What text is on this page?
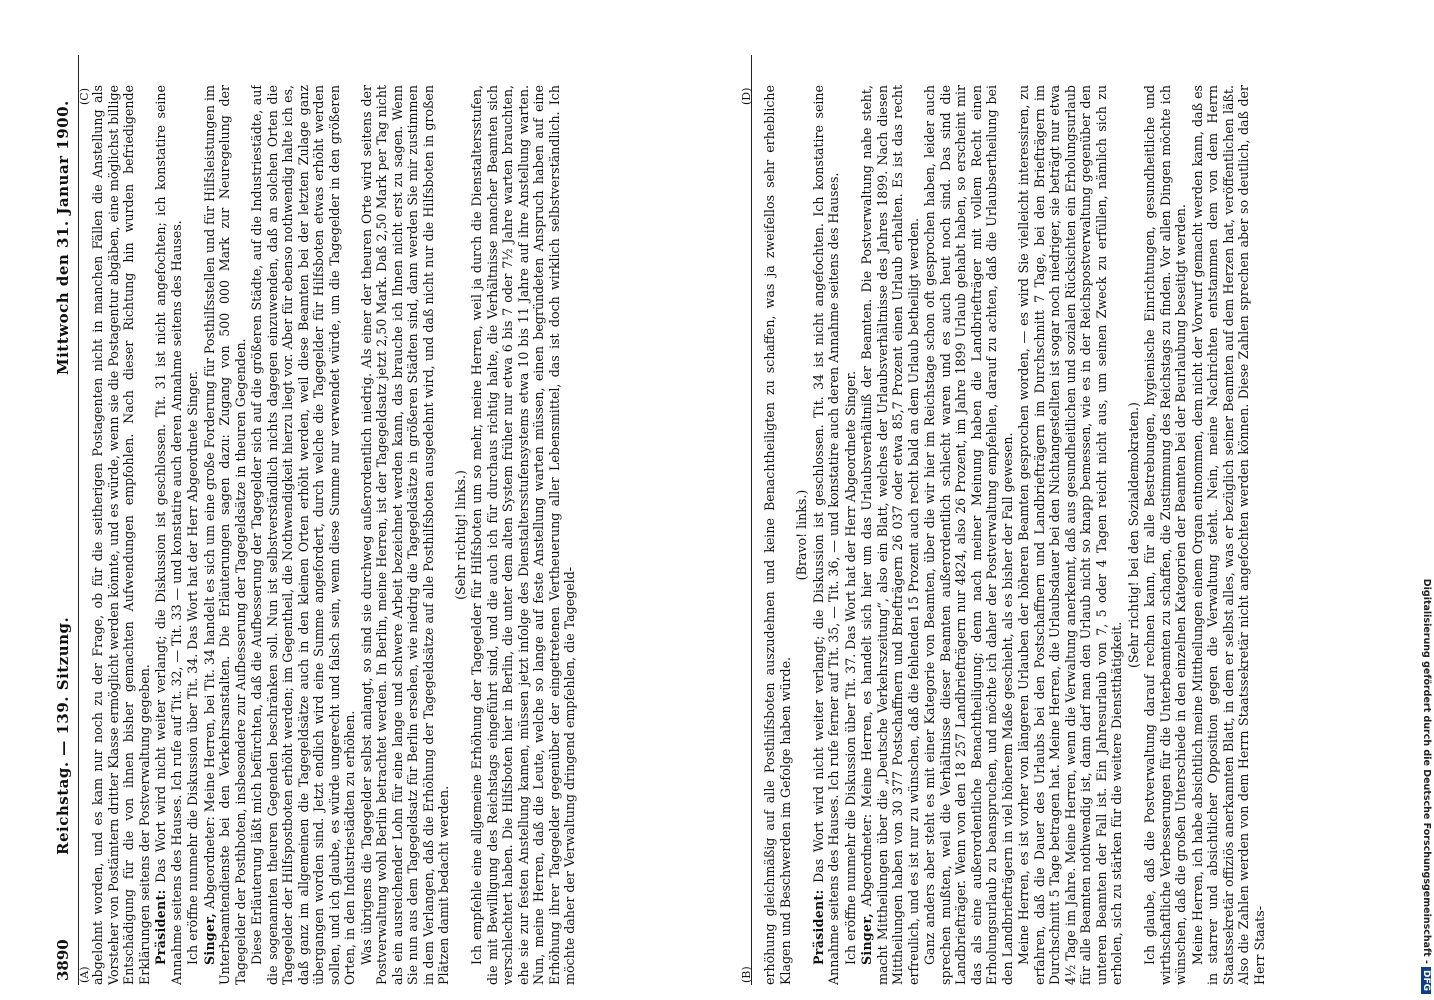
3890
Reichstag. — 139. Sitzung.
Mittwoch den 31. Januar 1900.
(A)	(B)

abgelohnt worden, und es kam nur noch zu der Frage, ob für die seitherigen Postagenten nicht in manchen Fällen die Anstellung als Vorsteher von Postämtern dritter Klasse ermöglicht werden könnte, und es würde, wenn sie die Postagentur abgäben, eine möglichst billige Entschädigung für die von ihnen bisher gemachten Aufwendungen empfohlen. Nach dieser Richtung hin wurden befriedigende Erklärungen seitens der Postverwaltung gegeben. Präsident: Das Wort wird nicht weiter verlangt; die Diskussion ist geschlossen. Tit. 31 ist nicht angefochten; ich konstatire seine Annahme seitens des Hauses. Ich rufe auf Tit. 32, — Tit. 33 — und konstatire auch deren Annahme seitens des Hauses. Ich eröffne nunmehr die Diskussion über Tit. 34. Das Wort hat der Herr Abgeordnete Singer. Singer, Abgeordneter: Meine Herren, bei Tit. 34 handelt es sich um eine große Forderung für Posthilfsstellen und für Hilfsleistungen im Unterbeamtendienste bei den Verkehrsanstalten. Die Erläuterungen sagen dazu: Zugang von 500 000 Mark zur Neuregelung der Tagegelder der Posthboten, insbesondere zur Aufbesserung der Tagegeldsätze in theuren Gegenden. Diese Erläuterung läßt mich befürchten, daß die Aufbesserung der Tagegelder sich auf die größeren Städte, auf die Industriestädte, auf die sogenannten theuren Gegenden beschränken soll. Nun ist selbstverständlich nichts dagegen einzuwenden, daß an solchen Orten die Tagegelder der Hilfspostboten erhöht werden; im Gegentheil, die Nothwendigkeit hierzu liegt vor. Aber für ebenso nothwendig halte ich es, daß ganz im allgemeinen die Tagegeldsätze auch in den kleinen Orten erhöht werden, weil diese Beamten bei der letzten Zulage ganz übergangen worden sind. Jetzt endlich wird eine Summe angefordert, durch welche die Tagegelder für Hilfsboten etwas erhöht werden sollen, und ich glaube, es würde ungerecht und falsch sein, wenn diese Summe nur verwendet würde, um die Tagegelder in den größeren Orten, in den Industriestädten zu erhöhen. Was übrigens die Tagegelder selbst anlangt, so sind sie durchweg außerordentlich niedrig. Als einer der theuren Orte wird seitens der Postverwaltung wohl Berlin betrachtet werden. In Berlin, meine Herren, ist der Tagegeldsatz jetzt 2,50 Mark. Daß 2,50 Mark per Tag nicht als ein ausreichender Lohn für eine lange und schwere Arbeit bezeichnet werden kann, das brauche ich Ihnen nicht erst zu sagen. Wenn Sie nun aus dem Tagegeldsatz für Berlin ersehen, wie niedrig die Tagegeldsätze in größeren Städten sind, dann werden Sie mir zustimmen in dem Verlangen, daß die Erhöhung der Tagegeldsätze auf alle Posthilfsboten ausgedehnt wird, und daß nicht nur die Hilfsboten in großen Plätzen damit bedacht werden.

(Sehr richtig! links.) Ich empfehle eine allgemeine Erhöhung der Tagegelder für Hilfsboten um so mehr, meine Herren, weil ja durch die Dienstaltersstufen, die mit Bewilligung des Reichstags eingeführt sind, und die auch ich für durchaus richtig halte, die Verhältnisse mancher Beamten sich verschlechtert haben. Die Hilfsboten hier in Berlin, die unter dem alten System früher nur etwa 6 bis 7 oder 7½ Jahre warten brauchten, ehe sie zur festen Anstellung kamen, müssen jetzt infolge des Dienstaltersstufensystems etwa 10 bis 11 Jahre auf ihre Anstellung warten. Nun, meine Herren, daß die Leute, welche so lange auf feste Anstellung warten müssen, einen begründeten Anspruch haben auf eine Erhöhung ihrer Tagegelder gegenüber der eingetretenen Vertheuerung aller Lebensmittel, das ist doch wirklich selbstverständlich. Ich möchte daher der Verwaltung dringend empfehlen, die Tagegeld-

(C)	(D) erhöhung gleichmäßig auf alle Posthilfsboten auszudehnen und keine Benachtheiligten zu schaffen, was ja zweifellos sehr erhebliche Klagen und Beschwerden im Gefolge haben würde.

(Bravo! links.)

Präsident: Das Wort wird nicht weiter verlangt; die Diskussion ist geschlossen. Tit. 34 ist nicht angefochten. Ich konstatire seine Annahme seitens des Hauses. Ich rufe ferner auf Tit. 35, — Tit. 36, — und konstatire auch deren Annahme seitens des Hauses. Ich eröffne nunmehr die Diskussion über Tit. 37. Das Wort hat der Herr Abgeordnete Singer. Singer, Abgeordneter: Meine Herren, es handelt sich hier um das Urlaubsverhältniß der Beamten. Die Postverwaltung nahe steht, macht Mittheilungen über die „Deutsche Verkehrszeitung“, also ein Blatt, welches der Urlaubsverhältnisse des Jahres 1899. Nach diesen Mittheilungen haben von 30 377 Postschaffnern und Briefträgern 26 037 oder etwa 85,7 Prozent einen Urlaub erhalten. Es ist das recht erfreulich, und es ist nur zu wünschen, daß die fehlenden 15 Prozent auch recht bald an dem Urlaub betheiligt werden. Ganz anders aber steht es mit einer Kategorie von Beamten, über die wir hier im Reichstage schon oft gesprochen haben, leider auch sprechen mußten, weil die Verhältnisse dieser Beamten außerordentlich schlecht waren und es auch heut noch sind. Das sind die Landbriefträger. Wenn von den 18 257 Landbriefträgern nur 4824, also 26 Prozent, im Jahre 1899 Urlaub gehabt haben, so erscheint mir das als eine außerordentliche Benachtheiligung; denn nach meiner Meinung haben die Landbriefträger mit vollem Recht einen Erholungsurlaub zu beanspruchen, und möchte ich daher der Postverwaltung empfehlen, darauf zu achten, daß die Urlaubsertheilung bei den Landbriefträgern in viel höherem Maße geschieht, als es bisher der Fall gewesen. Meine Herren, es ist vorher von längeren Urlauben der höheren Beamten gesprochen worden, — es wird Sie vielleicht interessiren, zu erfahren, daß die Dauer des Urlaubs bei den Postschaffnern und Landbriefträgern im Durchschnitt 7 Tage, bei den Briefträgern im Durchschnitt 5 Tage betragen hat. Meine Herren, die Urlaubsdauer bei den Nichtangestellten ist sogar noch niedriger, sie beträgt nur etwa 4½ Tage im Jahre. Meine Herren, wenn die Verwaltung anerkennt, daß aus gesundheitlichen und sozialen Rücksichten ein Erholungsurlaub für alle Beamten nothwendig ist, dann darf man den Urlaub nicht so knapp bemessen, wie es in der Reichspostverwaltung gegenüber den unteren Beamten der Fall ist. Ein Jahresurlaub von 7, 5 oder 4 Tagen reicht nicht aus, um seinen Zweck zu erfüllen, nämlich sich zu erholen, sich zu stärken für die weitere Dienstthätigkeit.

(Sehr richtig! bei den Sozialdemokraten.) Ich glaube, daß die Postverwaltung darauf rechnen kann, für alle Bestrebungen, hygienische Einrichtungen, gesundheitliche und wirthschaftliche Verbesserungen für die Unterbeamten zu schaffen, die Zustimmung des Reichstags zu finden. Vor allen Dingen möchte ich wünschen, daß die großen Unterschiede in den einzelnen Kategorien der Beamten bei der Beurlaubung beseitigt werden. Meine Herren, ich habe absichtlich meine Mittheilungen einem Organ entnommen, dem nicht der Vorwurf gemacht werden kann, daß es in starrer und absichtlicher Opposition gegen die Verwaltung steht. Nein, meine Nachrichten entstammen dem von dem Herrn Staatssekretär offiziös anerkannten Blatt, in dem er selbst alles, was er bezüglich seiner Beamten auf dem Herzen hat, veröffentlichen läßt. Also die Zahlen werden von dem Herrn Staatssekretär nicht angefochten werden können. Diese Zahlen sprechen aber so deutlich, daß der Herr Staats-	Digitalisierung gefördert durch die Deutsche Forschungsgemeinschaft -DFG
